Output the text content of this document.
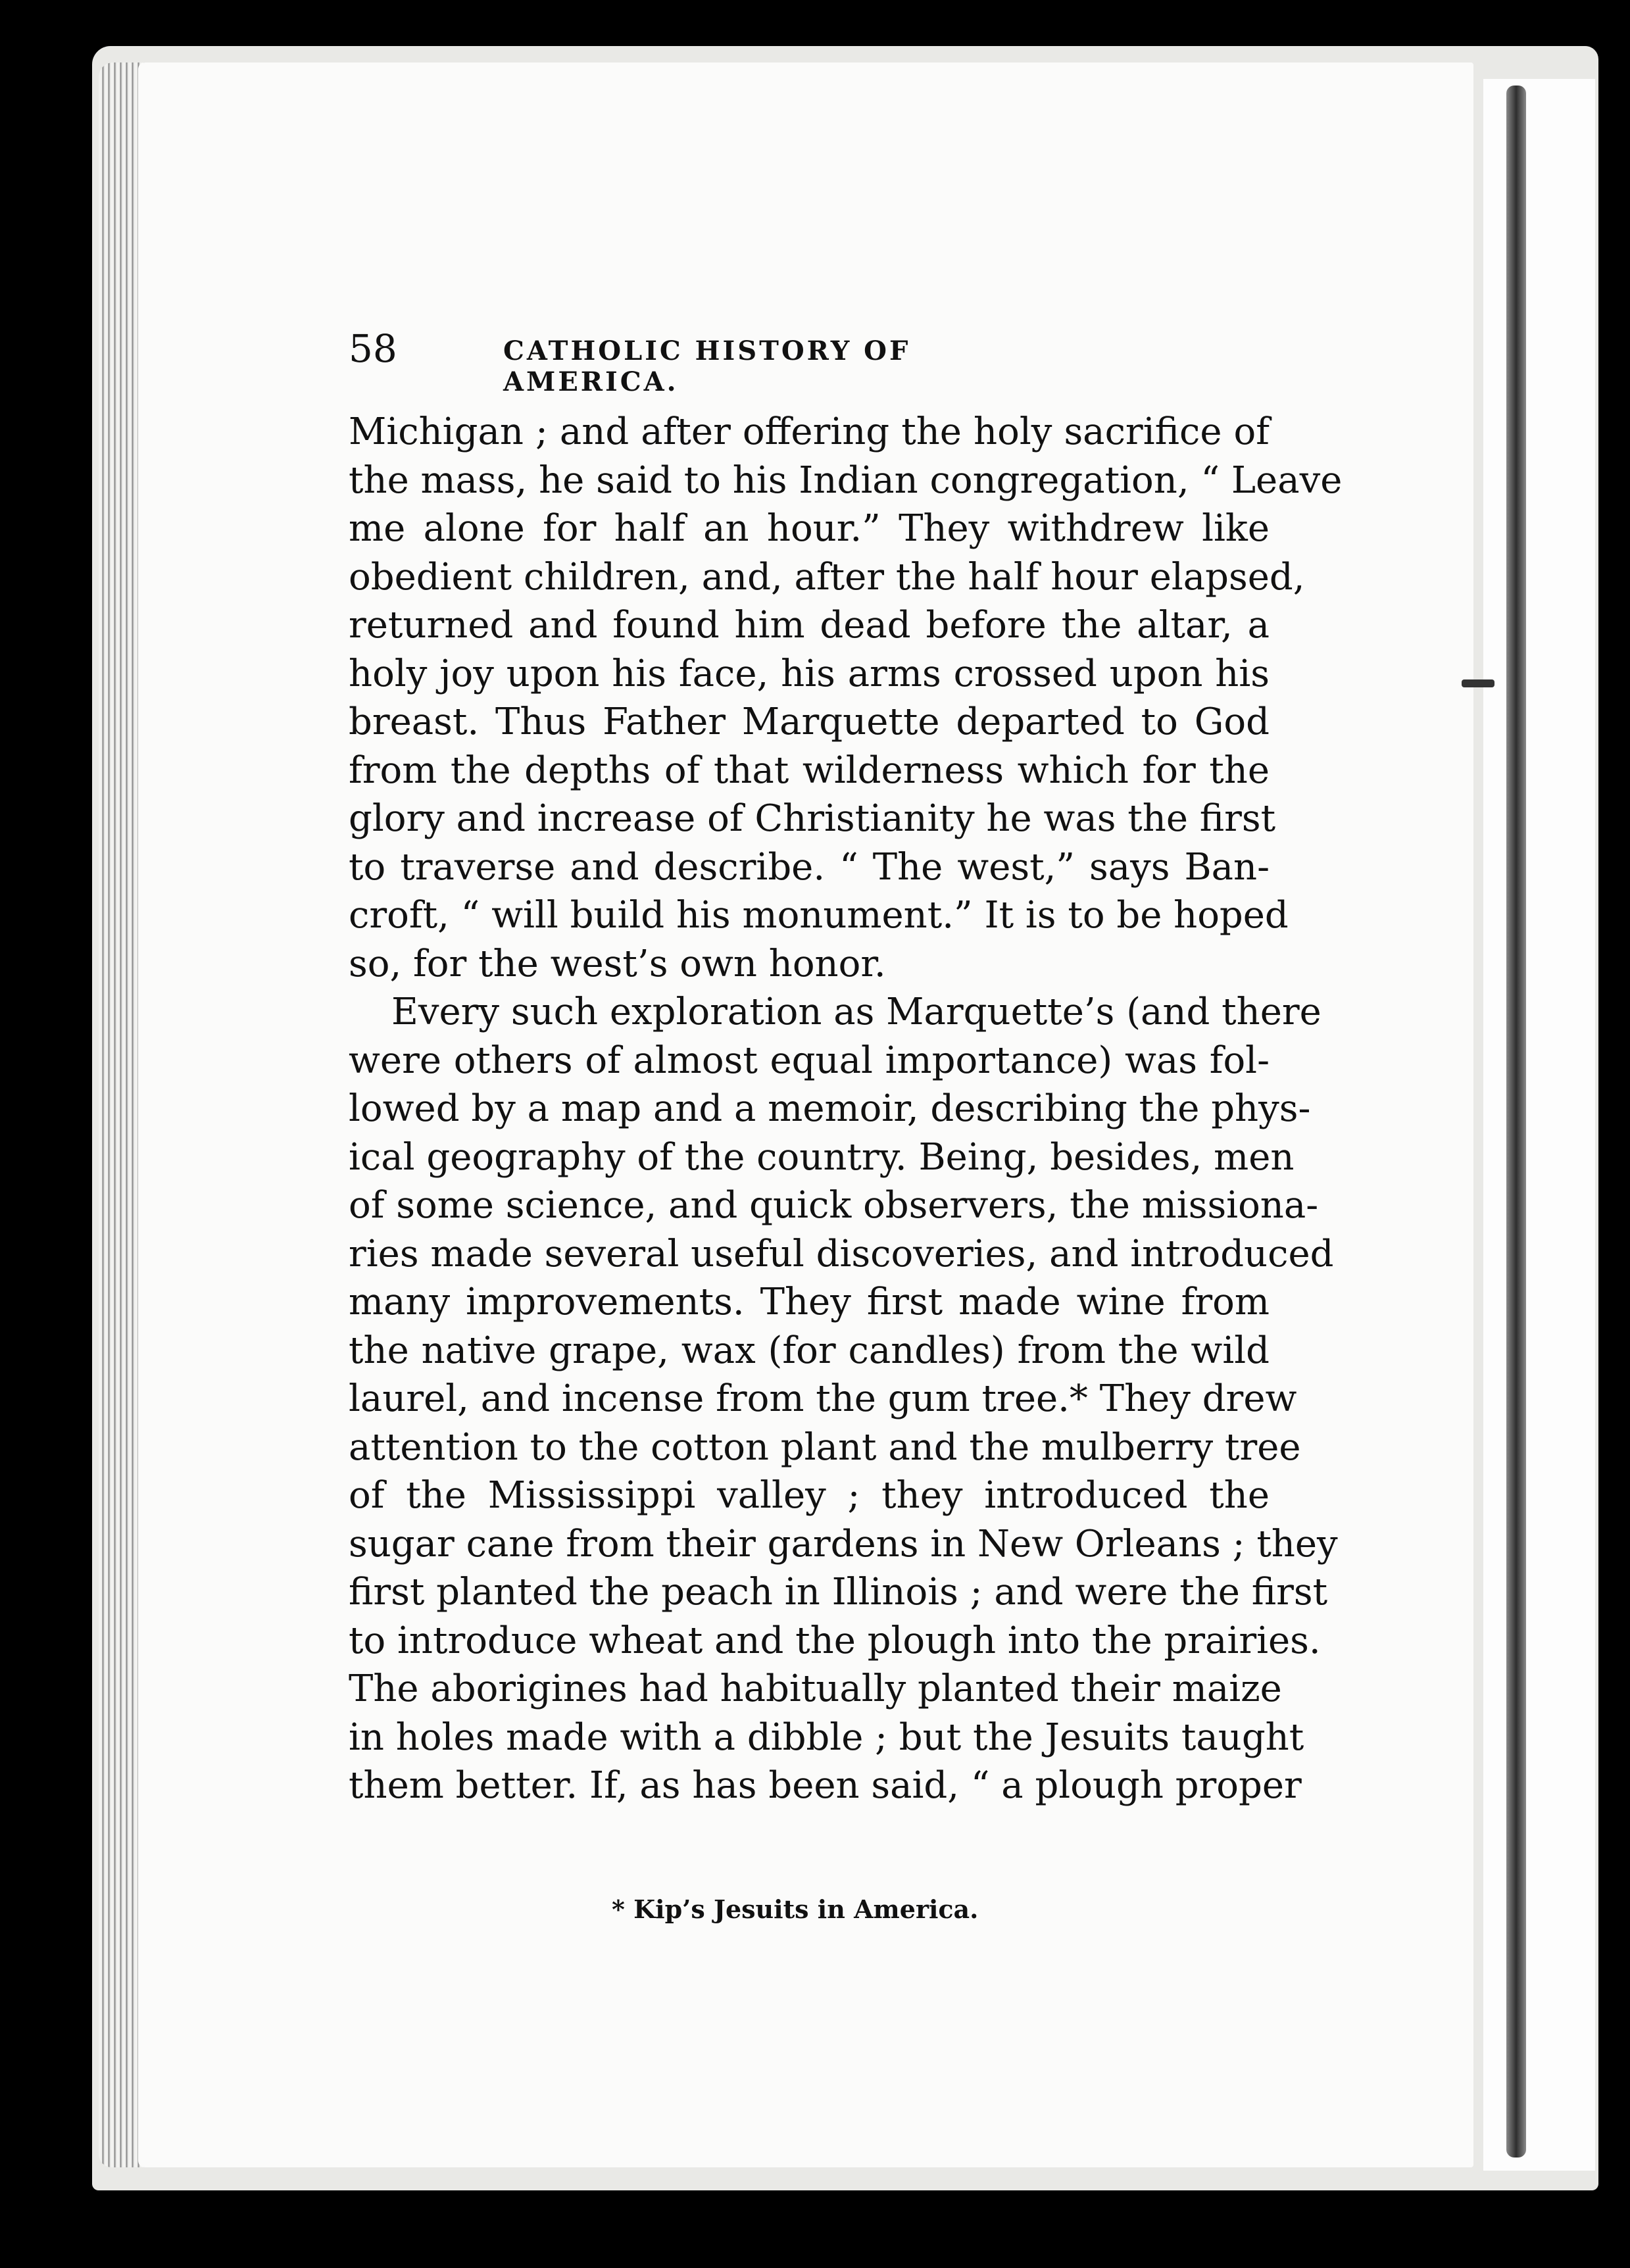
58	CATHOLIC HISTORY OF AMERICA.
Michigan ; and after offering the holy sacrifice of
the mass, he said to his Indian congregation, “ Leave
me alone for half an hour.” They withdrew like
obedient children, and, after the half hour elapsed,
returned and found him dead before the altar, a
holy joy upon his face, his arms crossed upon his
breast. Thus Father Marquette departed to God
from the depths of that wilderness which for the
glory and increase of Christianity he was the first
to traverse and describe. “ The west,” says Ban-
croft, “ will build his monument.” It is to be hoped
so, for the west’s own honor.
Every such exploration as Marquette’s (and there
were others of almost equal importance) was fol-
lowed by a map and a memoir, describing the phys-
ical geography of the country. Being, besides, men
of some science, and quick observers, the missiona-
ries made several useful discoveries, and introduced
many improvements. They first made wine from
the native grape, wax (for candles) from the wild
laurel, and incense from the gum tree.* They drew
attention to the cotton plant and the mulberry tree
of the Mississippi valley ; they introduced the
sugar cane from their gardens in New Orleans ; they
first planted the peach in Illinois ; and were the first
to introduce wheat and the plough into the prairies.
The aborigines had habitually planted their maize
in holes made with a dibble ; but the Jesuits taught
them better. If, as has been said, “ a plough proper
* Kip’s Jesuits in America.
